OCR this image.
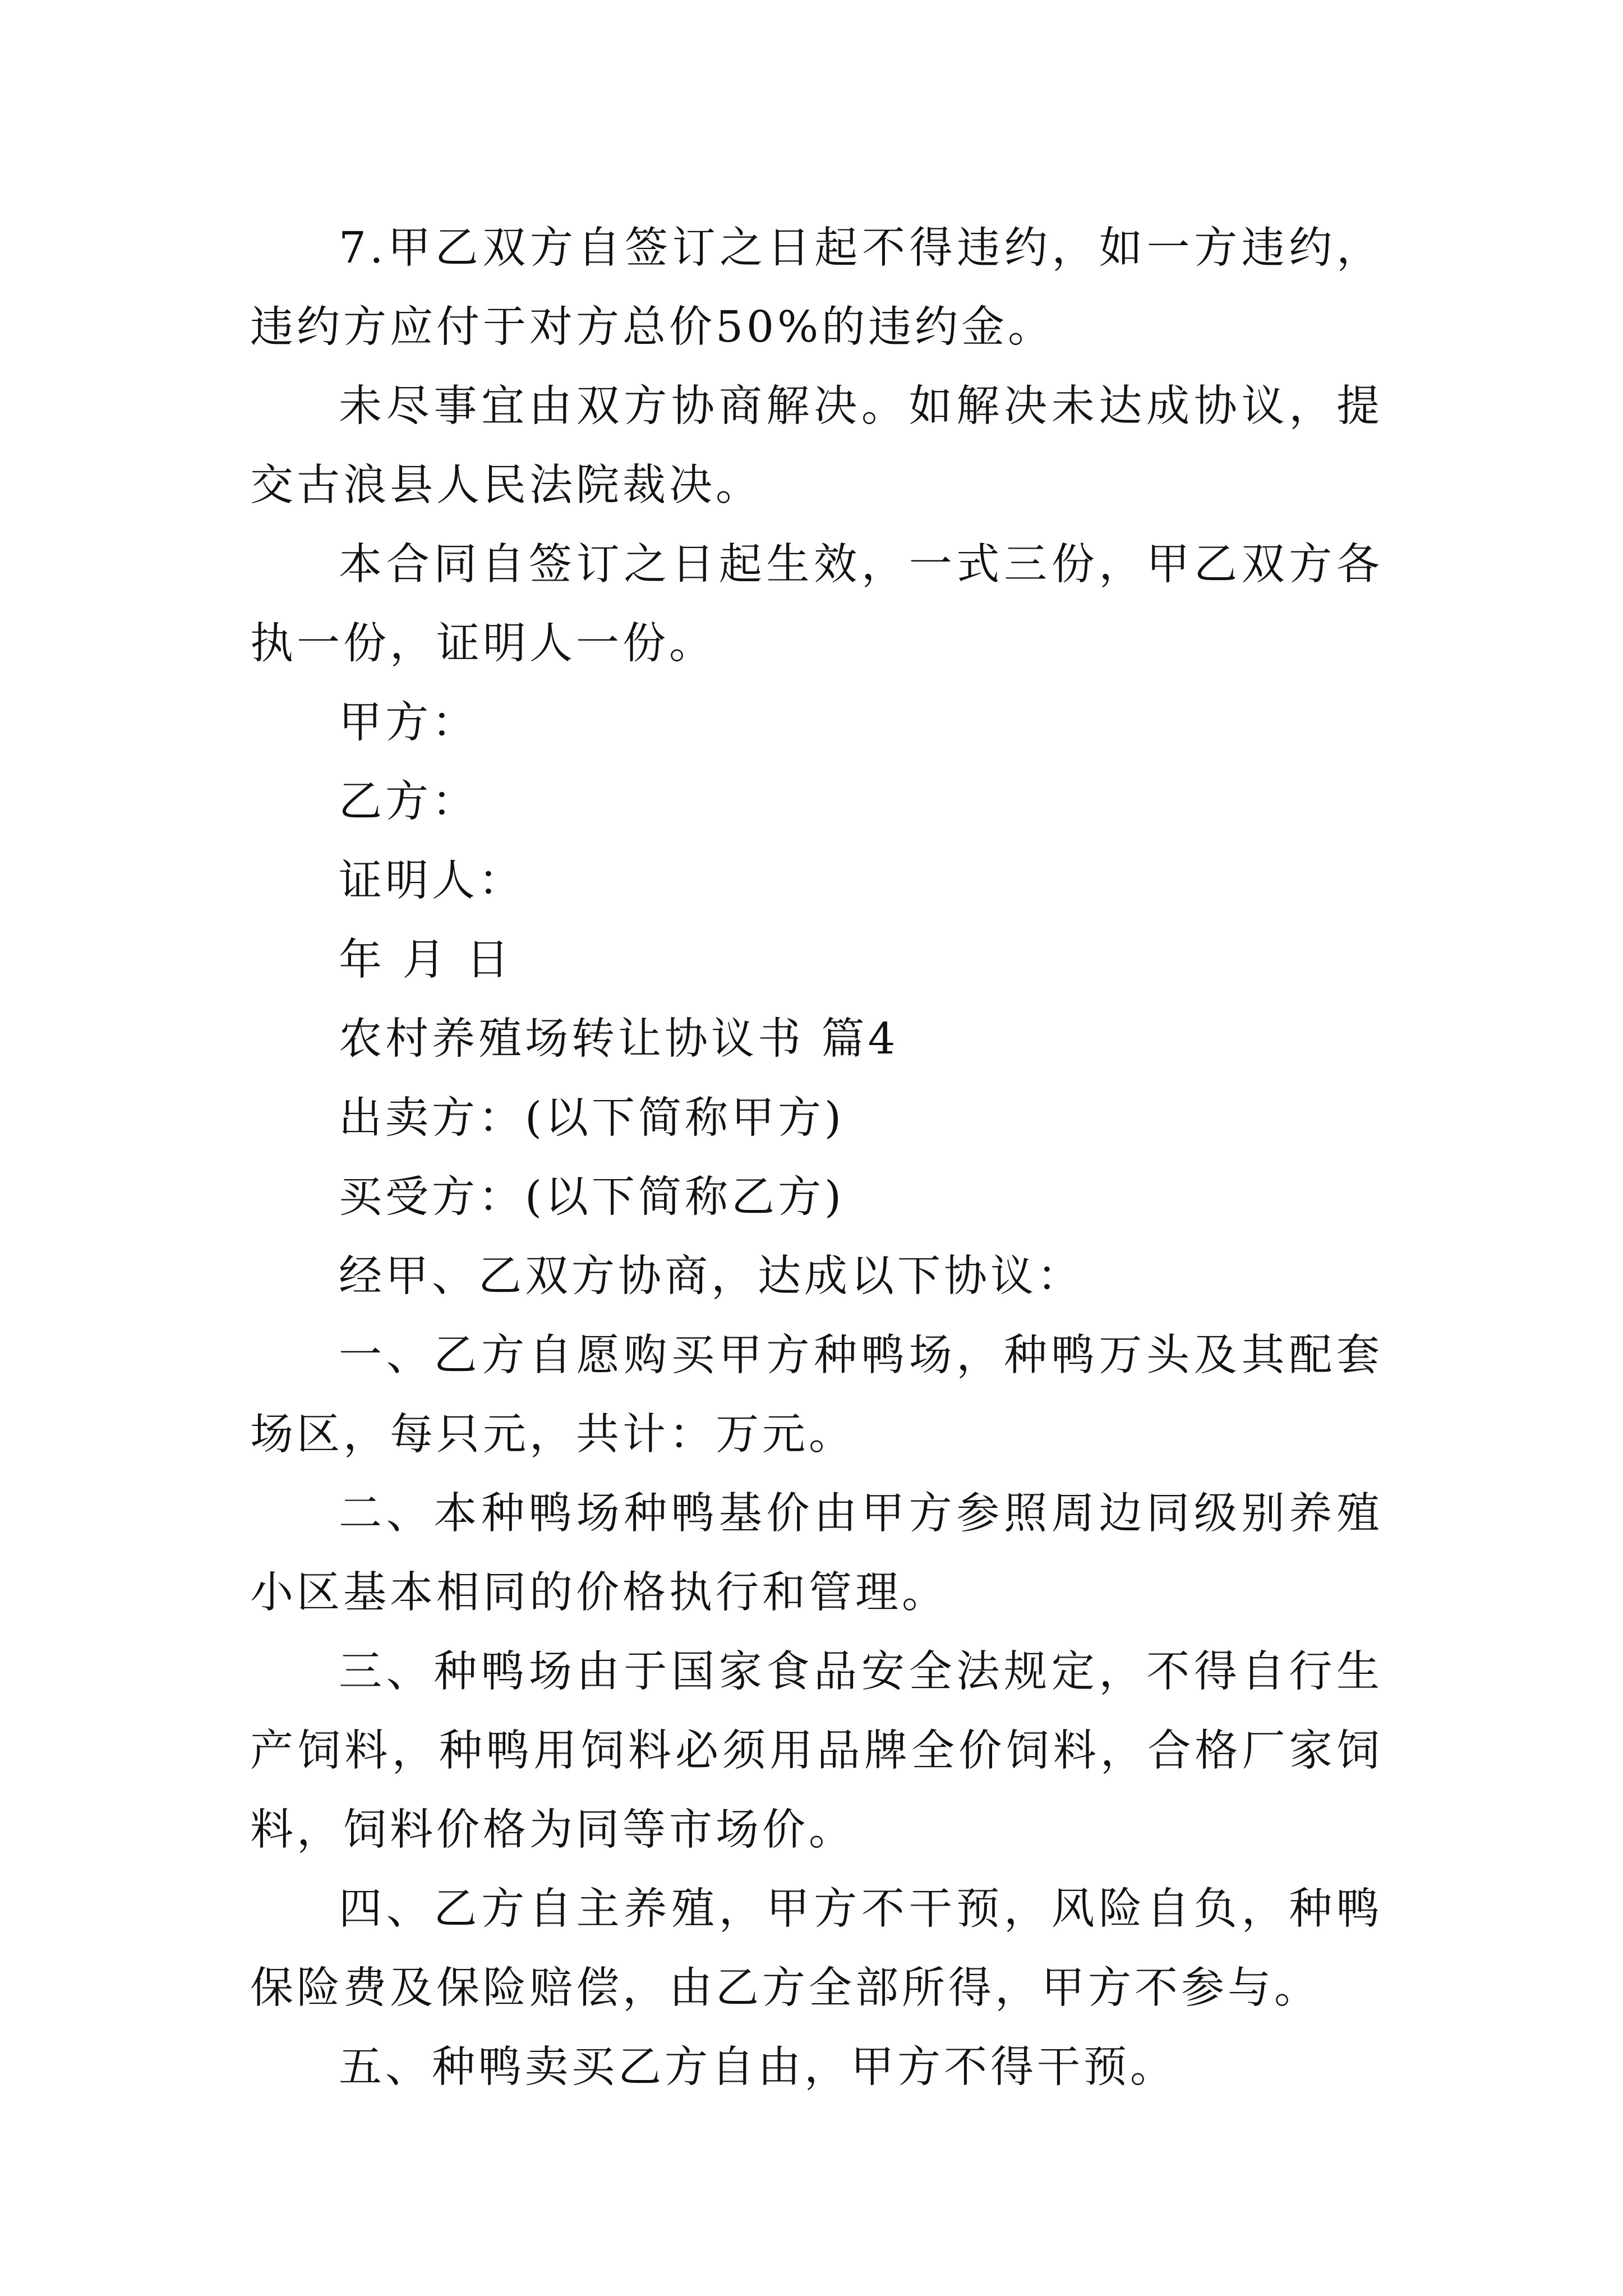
7.甲乙双方自签订之日起不得违约，如一方违约，违约方应付于对方总价50%的违约金。

未尽事宜由双方协商解决。如解决未达成协议，提交古浪县人民法院裁决。

本合同自签订之日起生效，一式三份，甲乙双方各执一份，证明人一份。

甲方：

乙方：

证明人：

年 月 日

农村养殖场转让协议书 篇4

出卖方：(以下简称甲方)

买受方：(以下简称乙方)

经甲、乙双方协商，达成以下协议：

一、乙方自愿购买甲方种鸭场，种鸭万头及其配套场区，每只元，共计：万元。

二、本种鸭场种鸭基价由甲方参照周边同级别养殖小区基本相同的价格执行和管理。

三、种鸭场由于国家食品安全法规定，不得自行生产饲料，种鸭用饲料必须用品牌全价饲料，合格厂家饲料，饲料价格为同等市场价。

四、乙方自主养殖，甲方不干预，风险自负，种鸭保险费及保险赔偿，由乙方全部所得，甲方不参与。

五、种鸭卖买乙方自由，甲方不得干预。
